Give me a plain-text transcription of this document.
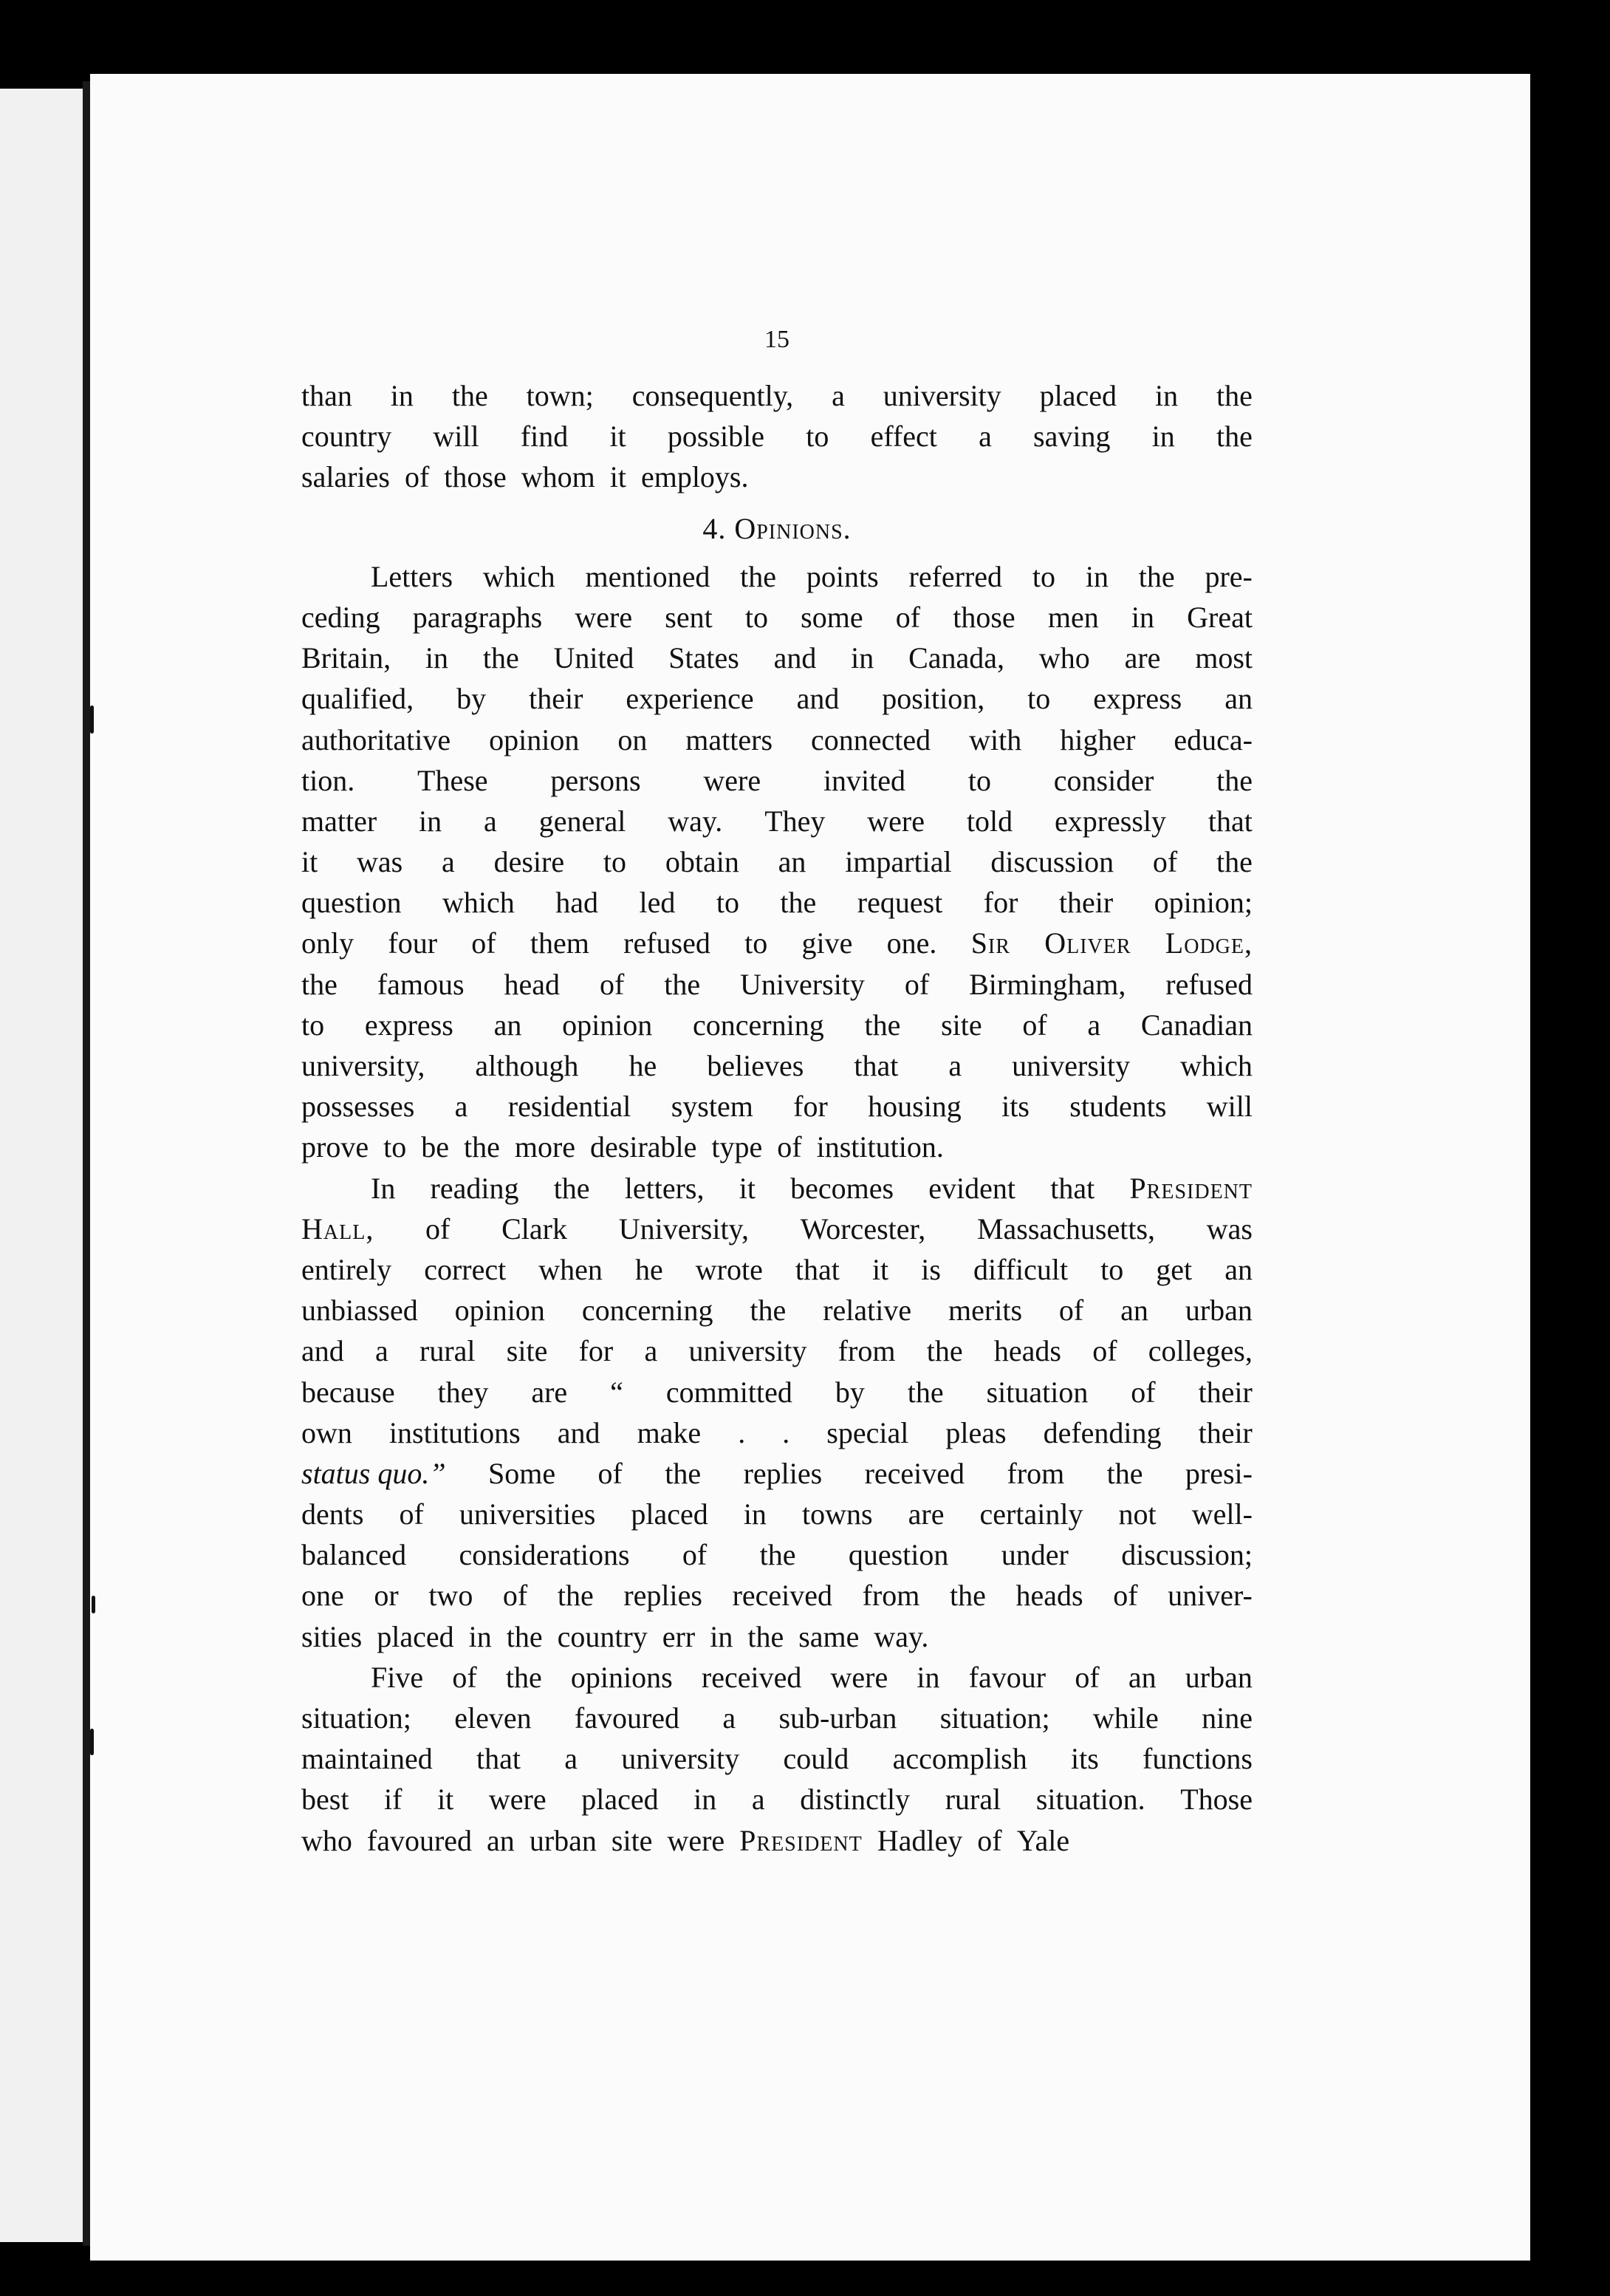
15
than in the town; consequently, a university placed in the
country will find it possible to effect a saving in the
salaries of those whom it employs.
4. Opinions.
Letters which mentioned the points referred to in the pre-
ceding paragraphs were sent to some of those men in Great
Britain, in the United States and in Canada, who are most
qualified, by their experience and position, to express an
authoritative opinion on matters connected with higher educa-
tion. These persons were invited to consider the
matter in a general way. They were told expressly that
it was a desire to obtain an impartial discussion of the
question which had led to the request for their opinion;
only four of them refused to give one. Sir Oliver Lodge,
the famous head of the University of Birmingham, refused
to express an opinion concerning the site of a Canadian
university, although he believes that a university which
possesses a residential system for housing its students will
prove to be the more desirable type of institution.
In reading the letters, it becomes evident that President
Hall, of Clark University, Worcester, Massachusetts, was
entirely correct when he wrote that it is difficult to get an
unbiassed opinion concerning the relative merits of an urban
and a rural site for a university from the heads of colleges,
because they are “ committed by the situation of their
own institutions and make . . special pleas defending their
status quo.” Some of the replies received from the presi-
dents of universities placed in towns are certainly not well-
balanced considerations of the question under discussion;
one or two of the replies received from the heads of univer-
sities placed in the country err in the same way.
Five of the opinions received were in favour of an urban
situation; eleven favoured a sub-urban situation; while nine
maintained that a university could accomplish its functions
best if it were placed in a distinctly rural situation. Those
who favoured an urban site were President Hadley of Yale
